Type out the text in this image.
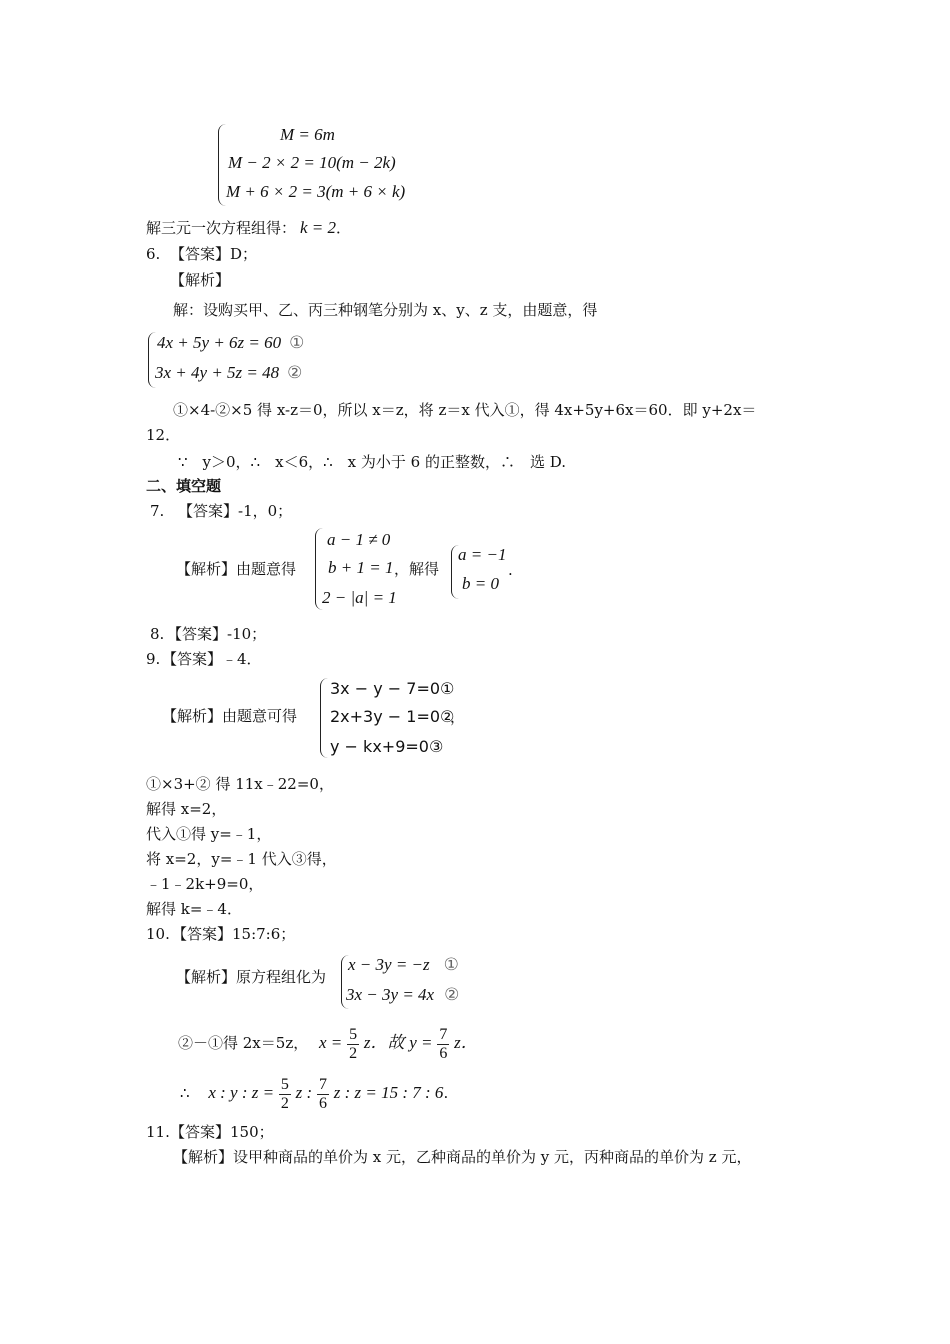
M = 6m
M − 2 × 2 = 10(m − 2k)
M + 6 × 2 = 3(m + 6 × k)
解三元一次方程组得： k = 2．
6. 【答案】D；
【解析】
解：设购买甲、乙、丙三种钢笔分别为 x、y、z 支，由题意，得
4x + 5y + 6z = 60 ①
3x + 4y + 5z = 48 ②
①×4-②×5 得 x-z＝0，所以 x＝z，将 z＝x 代入①，得 4x+5y+6x＝60．即 y+2x＝
12．
∵　y＞0，∴　x＜6，∴　x 为小于 6 的正整数，∴　选 D.
二、填空题
7. 【答案】-1，0；
【解析】由题意得
a − 1 ≠ 0
b + 1 = 1
2 − |a| = 1
，解得
a = −1
b = 0
.
8. 【答案】-10；
9. 【答案】﹣4．
【解析】由题意可得
3x − y − 7=0①
2x+3y − 1=0②
，
y − kx+9=0③
①×3+② 得 11x﹣22=0，
解得 x=2，
代入①得 y=﹣1，
将 x=2，y=﹣1 代入③得，
﹣1﹣2k+9=0，
解得 k=﹣4．
10. 【答案】15:7:6；
【解析】原方程组化为
x − 3y = −z ①
3x − 3y = 4x ②
②－①得 2x＝5z， $x = \frac{5}{2}$ z．故 $y = \frac{7}{6}$ z．
∴ x : y : $z = \frac{5}{2}$ z : $\frac{7}{6}$ z : z = 15 : 7 : 6.
11. 【答案】150；
【解析】设甲种商品的单价为 x 元，乙种商品的单价为 y 元，丙种商品的单价为 z 元，
